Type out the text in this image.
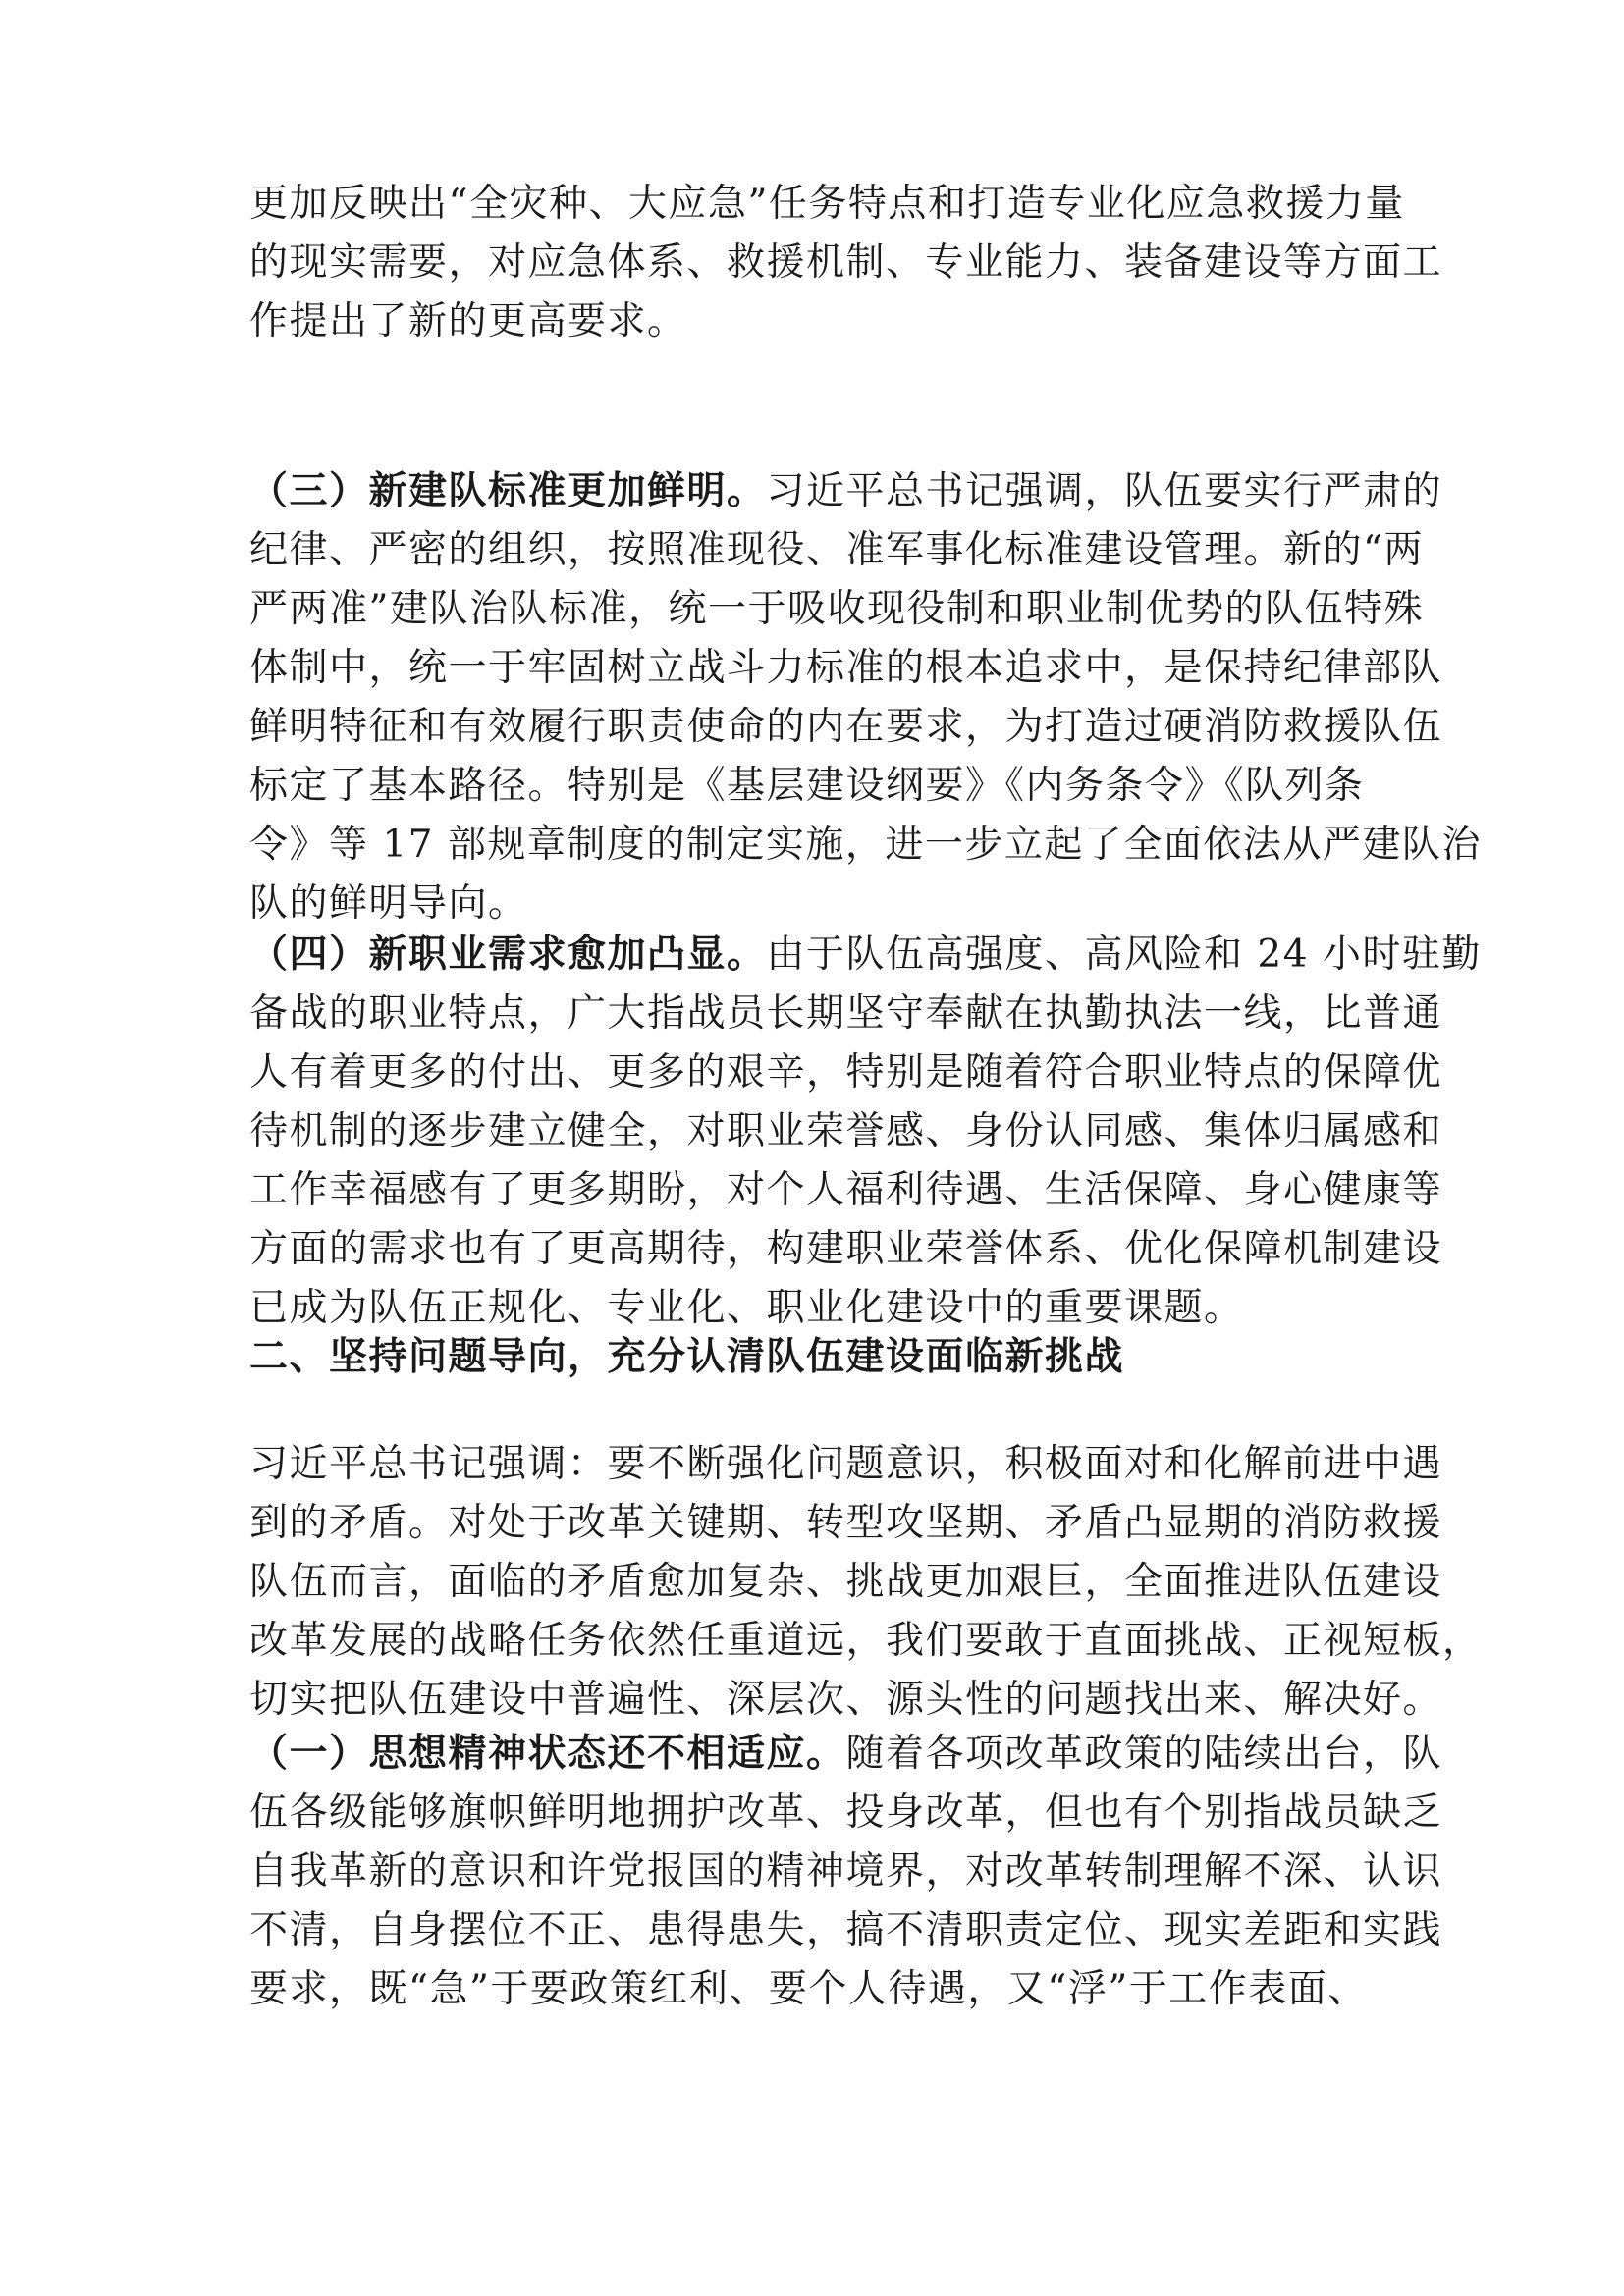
更加反映出“全灾种、大应急”任务特点和打造专业化应急救援力量
的现实需要，对应急体系、救援机制、专业能力、装备建设等方面工
作提出了新的更高要求。
（三）新建队标准更加鲜明。习近平总书记强调，队伍要实行严肃的
纪律、严密的组织，按照准现役、准军事化标准建设管理。新的“两
严两准”建队治队标准，统一于吸收现役制和职业制优势的队伍特殊
体制中，统一于牢固树立战斗力标准的根本追求中，是保持纪律部队
鲜明特征和有效履行职责使命的内在要求，为打造过硬消防救援队伍
标定了基本路径。特别是《基层建设纲要》《内务条令》《队列条
令》等 17 部规章制度的制定实施，进一步立起了全面依法从严建队治
队的鲜明导向。
（四）新职业需求愈加凸显。由于队伍高强度、高风险和 24 小时驻勤
备战的职业特点，广大指战员长期坚守奉献在执勤执法一线，比普通
人有着更多的付出、更多的艰辛，特别是随着符合职业特点的保障优
待机制的逐步建立健全，对职业荣誉感、身份认同感、集体归属感和
工作幸福感有了更多期盼，对个人福利待遇、生活保障、身心健康等
方面的需求也有了更高期待，构建职业荣誉体系、优化保障机制建设
已成为队伍正规化、专业化、职业化建设中的重要课题。
二、坚持问题导向，充分认清队伍建设面临新挑战
习近平总书记强调：要不断强化问题意识，积极面对和化解前进中遇
到的矛盾。对处于改革关键期、转型攻坚期、矛盾凸显期的消防救援
队伍而言，面临的矛盾愈加复杂、挑战更加艰巨，全面推进队伍建设
改革发展的战略任务依然任重道远，我们要敢于直面挑战、正视短板，
切实把队伍建设中普遍性、深层次、源头性的问题找出来、解决好。
（一）思想精神状态还不相适应。随着各项改革政策的陆续出台，队
伍各级能够旗帜鲜明地拥护改革、投身改革，但也有个别指战员缺乏
自我革新的意识和许党报国的精神境界，对改革转制理解不深、认识
不清，自身摆位不正、患得患失，搞不清职责定位、现实差距和实践
要求，既“急”于要政策红利、要个人待遇，又“浮”于工作表面、
